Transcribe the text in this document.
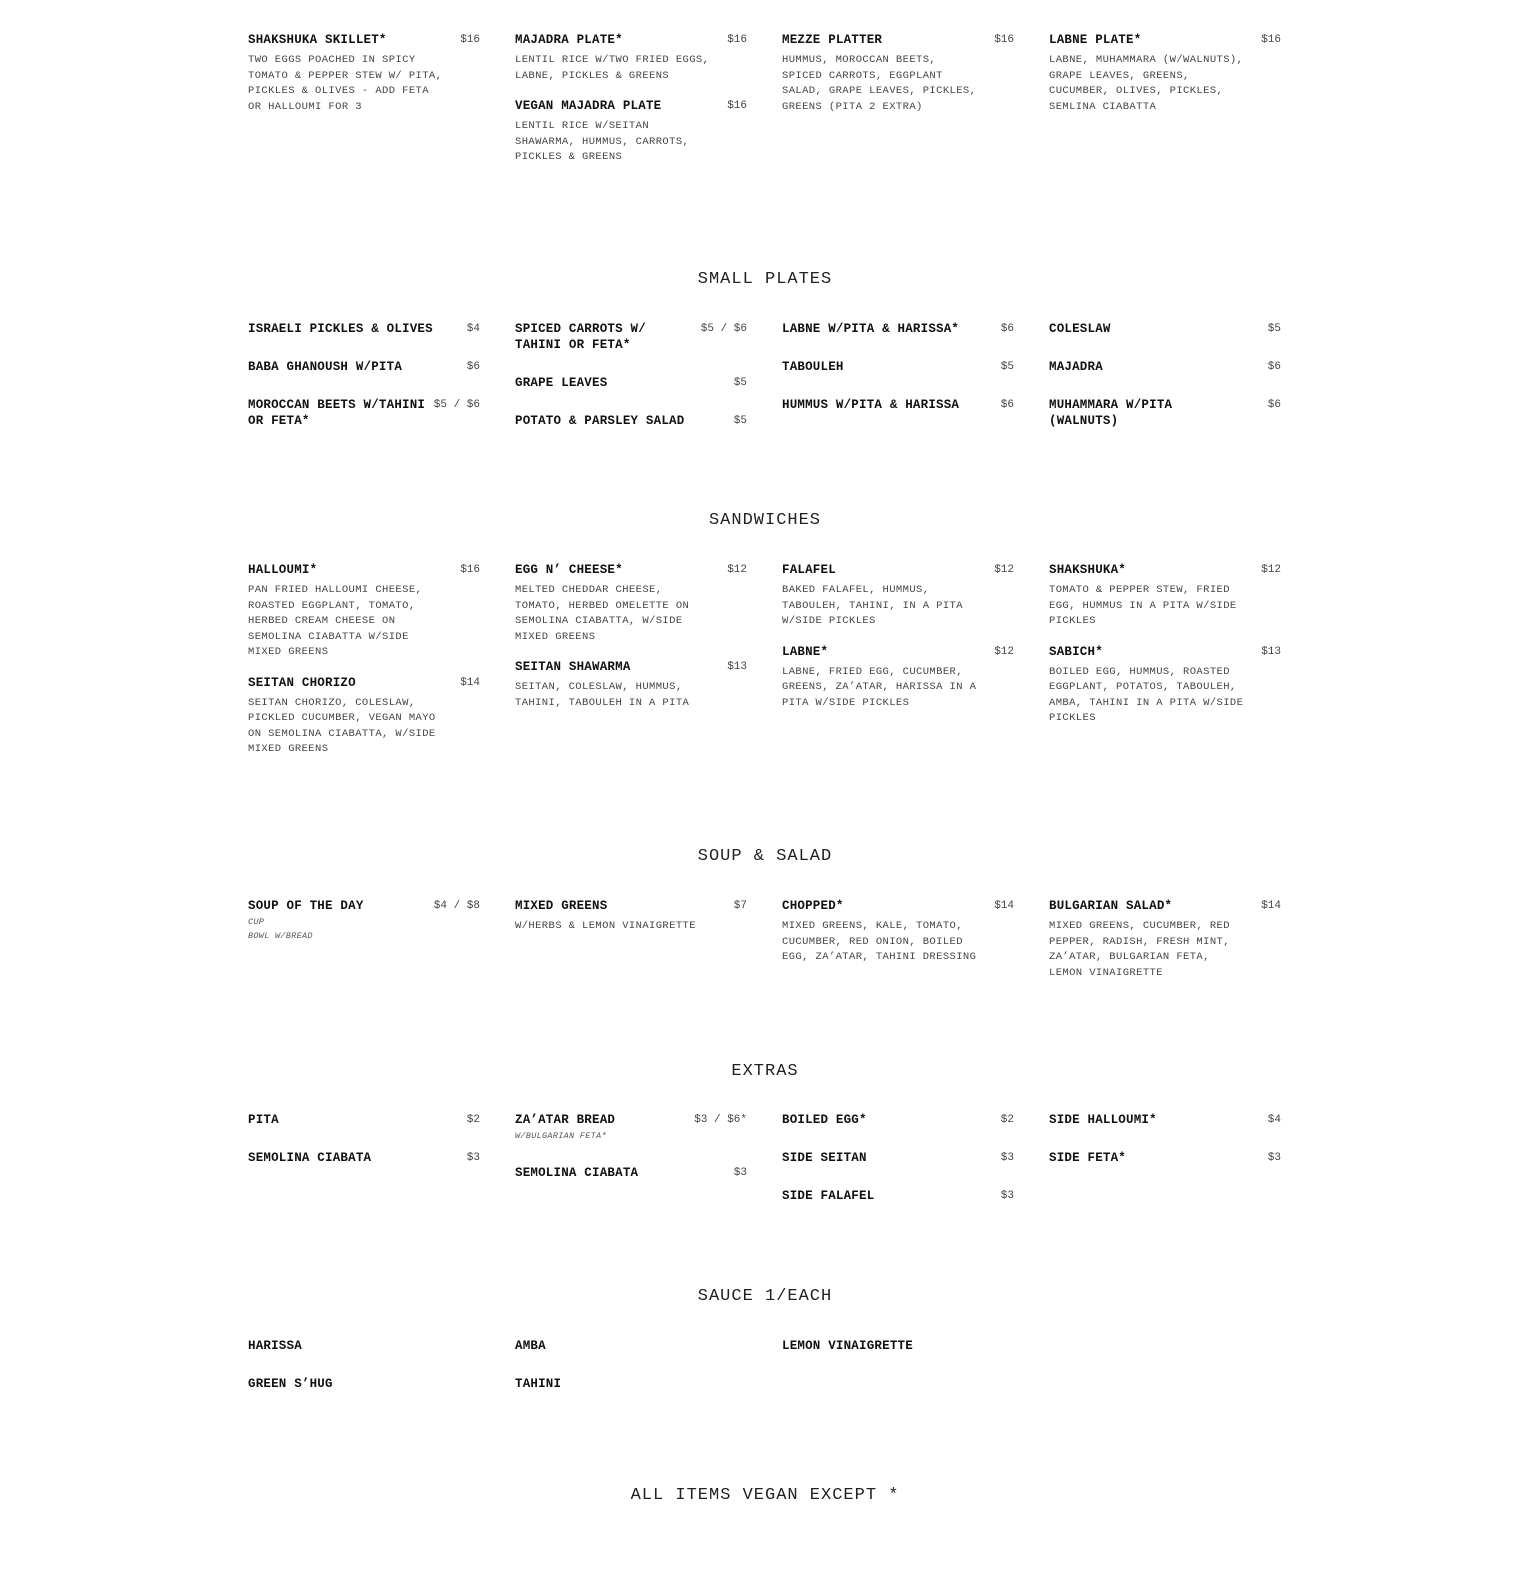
SHAKSHUKA SKILLET*	$16
TWO EGGS POACHED IN SPICY TOMATO & PEPPER STEW W/ PITA, PICKLES & OLIVES - ADD FETA OR HALLOUMI FOR 3
MAJADRA PLATE*	$16
LENTIL RICE W/TWO FRIED EGGS, LABNE, PICKLES & GREENS
VEGAN MAJADRA PLATE	$16
LENTIL RICE W/SEITAN SHAWARMA, HUMMUS, CARROTS, PICKLES & GREENS
MEZZE PLATTER	$16
HUMMUS, MOROCCAN BEETS, SPICED CARROTS, EGGPLANT SALAD, GRAPE LEAVES, PICKLES, GREENS (PITA 2 EXTRA)
LABNE PLATE*	$16
LABNE, MUHAMMARA (W/WALNUTS), GRAPE LEAVES, GREENS, CUCUMBER, OLIVES, PICKLES, SEMLINA CIABATTA
SMALL PLATES
ISRAELI PICKLES & OLIVES	$4
BABA GHANOUSH W/PITA	$6
MOROCCAN BEETS W/TAHINI OR FETA*
$5 / $6
SPICED CARROTS W/ TAHINI OR FETA*
$5 / $6
GRAPE LEAVES	$5
POTATO & PARSLEY SALAD	$5
LABNE W/PITA & HARISSA*	$6
TABOULEH	$5
HUMMUS W/PITA & HARISSA	$6
COLESLAW	$5
MAJADRA	$6
MUHAMMARA W/PITA (WALNUTS)
$6
SANDWICHES
HALLOUMI*	$16
PAN FRIED HALLOUMI CHEESE, ROASTED EGGPLANT, TOMATO, HERBED CREAM CHEESE ON SEMOLINA CIABATTA W/SIDE MIXED GREENS
SEITAN CHORIZO	$14
SEITAN CHORIZO, COLESLAW, PICKLED CUCUMBER, VEGAN MAYO ON SEMOLINA CIABATTA, W/SIDE MIXED GREENS
EGG N’ CHEESE*	$12
MELTED CHEDDAR CHEESE, TOMATO, HERBED OMELETTE ON SEMOLINA CIABATTA, W/SIDE MIXED GREENS
SEITAN SHAWARMA	$13
SEITAN, COLESLAW, HUMMUS, TAHINI, TABOULEH IN A PITA
FALAFEL	$12
BAKED FALAFEL, HUMMUS, TABOULEH, TAHINI, IN A PITA W/SIDE PICKLES
LABNE*	$12
LABNE, FRIED EGG, CUCUMBER, GREENS, ZA’ATAR, HARISSA IN A PITA W/SIDE PICKLES
SHAKSHUKA*	$12
TOMATO & PEPPER STEW, FRIED EGG, HUMMUS IN A PITA W/SIDE PICKLES
SABICH*	$13
BOILED EGG, HUMMUS, ROASTED EGGPLANT, POTATOS, TABOULEH, AMBA, TAHINI IN A PITA W/SIDE PICKLES
SOUP & SALAD
SOUP OF THE DAY	$4 / $8
CUP
BOWL W/BREAD
MIXED GREENS	$7
W/HERBS & LEMON VINAIGRETTE
CHOPPED*	$14
MIXED GREENS, KALE, TOMATO, CUCUMBER, RED ONION, BOILED EGG, ZA’ATAR, TAHINI DRESSING
BULGARIAN SALAD*	$14
MIXED GREENS, CUCUMBER, RED PEPPER, RADISH, FRESH MINT, ZA’ATAR, BULGARIAN FETA, LEMON VINAIGRETTE
EXTRAS
PITA	$2
SEMOLINA CIABATA	$3
ZA’ATAR BREAD	$3 / $6*
W/BULGARIAN FETA*
SEMOLINA CIABATA	$3
BOILED EGG*	$2
SIDE SEITAN	$3
SIDE FALAFEL	$3
SIDE HALLOUMI*	$4
SIDE FETA*	$3
SAUCE 1/EACH
HARISSA
GREEN S’HUG
AMBA
TAHINI
LEMON VINAIGRETTE
ALL ITEMS VEGAN EXCEPT *
